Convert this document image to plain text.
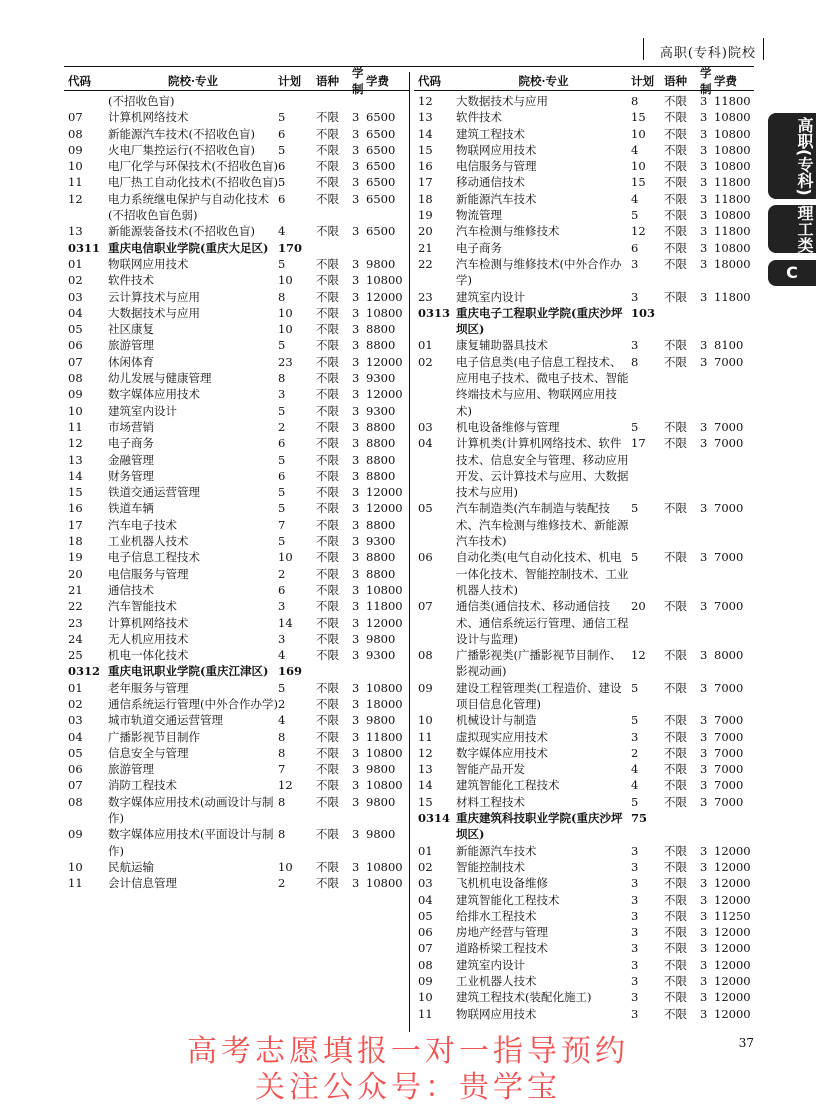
高职(专科)院校
代码	院校·专业	计划	语种
学制
学费
(不招收色盲)
07	计算机网络技术	5	不限	3 6500
08	新能源汽车技术(不招收色盲)	6	不限	3 6500
09	火电厂集控运行(不招收色盲)	5	不限	3 6500
10	电厂化学与环保技术(不招收色盲) 6	不限	3 6500
11	电厂热工自动化技术(不招收色盲) 5	不限	3 6500
12	电力系统继电保护与自动化技术(不招收色盲色弱)
6	不限	3 6500
13	新能源装备技术(不招收色盲)	4	不限	3 6500
0311 重庆电信职业学院(重庆大足区) 170
01	物联网应用技术	5	不限	3 9800
02	软件技术	10	不限	3 10800
03	云计算技术与应用	8	不限	3 12000
04	大数据技术与应用	10	不限	3 10800
05	社区康复	10	不限	3 8800
06	旅游管理	5	不限	3 8800
07	休闲体育	23	不限	3 12000
08	幼儿发展与健康管理	8	不限	3 9300
09	数字媒体应用技术	3	不限	3 12000
10	建筑室内设计	5	不限	3 9300
11	市场营销	2	不限	3 8800
12	电子商务	6	不限	3 8800
13	金融管理	5	不限	3 8800
14	财务管理	6	不限	3 8800
15	铁道交通运营管理	5	不限	3 12000
16	铁道车辆	5	不限	3 12000
17	汽车电子技术	7	不限	3 8800
18	工业机器人技术	5	不限	3 9300
19	电子信息工程技术	10	不限	3 8800
20	电信服务与管理	2	不限	3 8800
21	通信技术	6	不限	3 10800
22	汽车智能技术	3	不限	3 11800
23	计算机网络技术	14	不限	3 12000
24	无人机应用技术	3	不限	3 9800
25	机电一体化技术	4	不限	3 9300
0312 重庆电讯职业学院(重庆江津区) 169
01	老年服务与管理	5	不限	3 10800
02	通信系统运行管理(中外合作办学) 2	不限	3 18000
03	城市轨道交通运营管理	4	不限	3 9800
04	广播影视节目制作	8	不限	3 11800
05	信息安全与管理	8	不限	3 10800
06	旅游管理	7	不限	3 9800
07	消防工程技术	12	不限	3 10800
08	数字媒体应用技术(动画设计与制作)
8	不限	3 9800
09	数字媒体应用技术(平面设计与制作)
8	不限	3 9800
10	民航运输	10	不限	3 10800
11	会计信息管理	2	不限	3 10800
代码	院校·专业	计划 语种
学制
学费
12	大数据技术与应用	8	不限	3 11800
13	软件技术	15	不限	3 10800
14	建筑工程技术	10	不限	3 10800
15	物联网应用技术	4	不限	3 10800
16	电信服务与管理	10	不限	3 10800
17	移动通信技术	15	不限	3 11800
18	新能源汽车技术	4	不限	3 11800
19	物流管理	5	不限	3 10800
20	汽车检测与维修技术	12	不限	3 11800
21	电子商务	6	不限	3 10800
22	汽车检测与维修技术(中外合作办学)
3	不限	3 18000
23	建筑室内设计	3	不限	3 11800
0313 重庆电子工程职业学院(重庆沙坪坝区)
103
01	康复辅助器具技术	3	不限	3 8100
02	电子信息类(电子信息工程技术、应用电子技术、微电子技术、智能终端技术与应用、物联网应用技术)
8	不限	3 7000
03	机电设备维修与管理	5	不限	3 7000
04	计算机类(计算机网络技术、软件技术、信息安全与管理、移动应用开发、云计算技术与应用、大数据技术与应用)
17	不限	3 7000
05	汽车制造类(汽车制造与装配技术、汽车检测与维修技术、新能源汽车技术)
5	不限	3 7000
06	自动化类(电气自动化技术、机电一体化技术、智能控制技术、工业机器人技术)
5	不限	3 7000
07	通信类(通信技术、移动通信技术、通信系统运行管理、通信工程设计与监理)
20	不限	3 7000
08	广播影视类(广播影视节目制作、影视动画)
12	不限	3 8000
09	建设工程管理类(工程造价、建设项目信息化管理)
5	不限	3 7000
10	机械设计与制造	5	不限	3 7000
11	虚拟现实应用技术	3	不限	3 7000
12	数字媒体应用技术	2	不限	3 7000
13	智能产品开发	4	不限	3 7000
14	建筑智能化工程技术	4	不限	3 7000
15	材料工程技术	5	不限	3 7000
0314 重庆建筑科技职业学院(重庆沙坪坝区)
75
01	新能源汽车技术	3	不限	3 12000
02	智能控制技术	3	不限	3 12000
03	飞机机电设备维修	3	不限	3 12000
04	建筑智能化工程技术	3	不限	3 12000
05	给排水工程技术	3	不限	3 11250
06	房地产经营与管理	3	不限	3 12000
07	道路桥梁工程技术	3	不限	3 12000
08	建筑室内设计	3	不限	3 12000
09	工业机器人技术	3	不限	3 12000
10	建筑工程技术(装配化施工)	3	不限	3 12000
11	物联网应用技术	3	不限	3 12000
高职(专科)
理工类
C
37
高考志愿填报一对一指导预约
关注公众号：贵学宝
